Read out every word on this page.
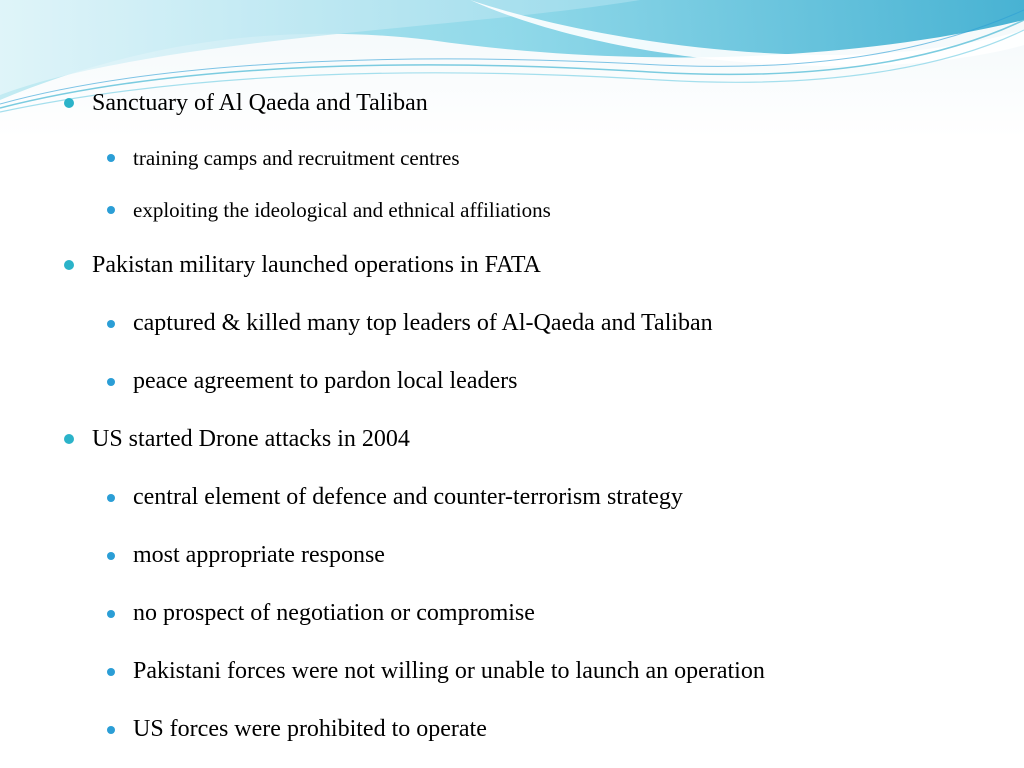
Sanctuary of Al Qaeda and Taliban
training camps and recruitment centres
exploiting the ideological and ethnical affiliations
Pakistan military launched operations in FATA
captured & killed many top leaders of Al-Qaeda and Taliban
peace agreement to pardon local leaders
US started Drone attacks in 2004
central element of defence and counter-terrorism strategy
most appropriate response
no prospect of negotiation or compromise
Pakistani forces were not willing or unable to launch an operation
US forces were prohibited to operate
